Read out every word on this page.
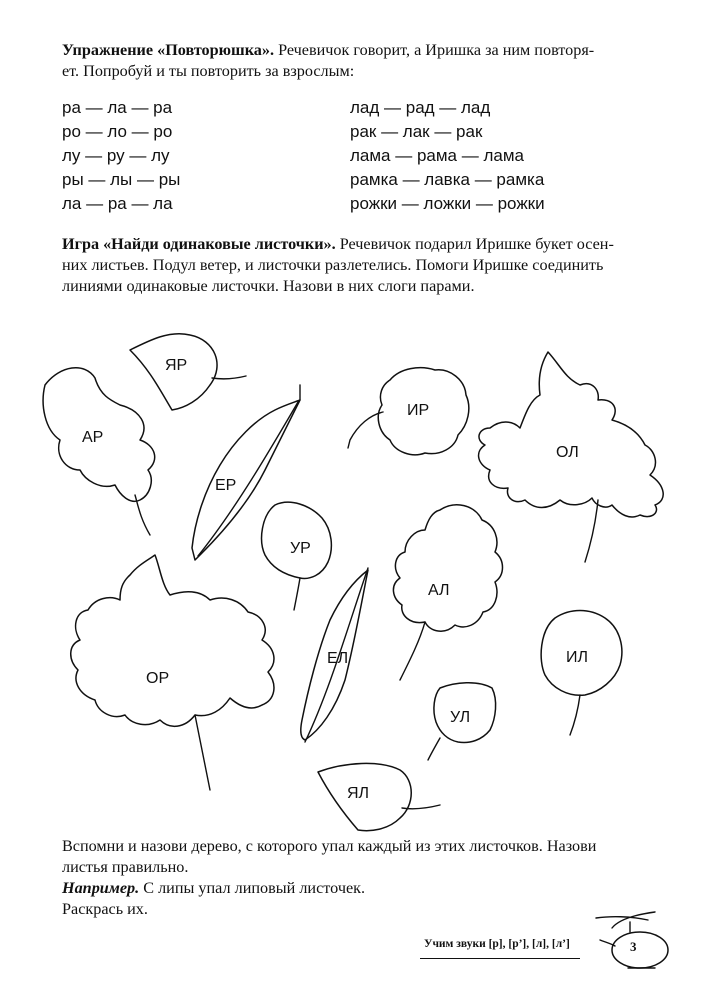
Упражнение «Повторюшка». Речевичок говорит, а Иришка за ним повторя-
ет. Попробуй и ты повторить за взрослым:
ра — ла — ра
ро — ло — ро
лу — ру — лу
ры — лы — ры
ла — ра — ла
лад — рад — лад
рак — лак — рак
лама — рама — лама
рамка — лавка — рамка
рожки — ложки — рожки
Игра «Найди одинаковые листочки». Речевичок подарил Иришке букет осен-
них листьев. Подул ветер, и листочки разлетелись. Помоги Иришке соединить
линиями одинаковые листочки. Назови в них слоги парами.
ЯР
АР
ЕР
ИР
ОЛ
УР
ОР
ЕЛ
АЛ
ИЛ
УЛ
ЯЛ
Вспомни и назови дерево, с которого упал каждый из этих листочков. Назови
листья правильно.
Например. С липы упал липовый листочек.
Раскрась их.
Учим звуки [р], [р’], [л], [л’]	3
